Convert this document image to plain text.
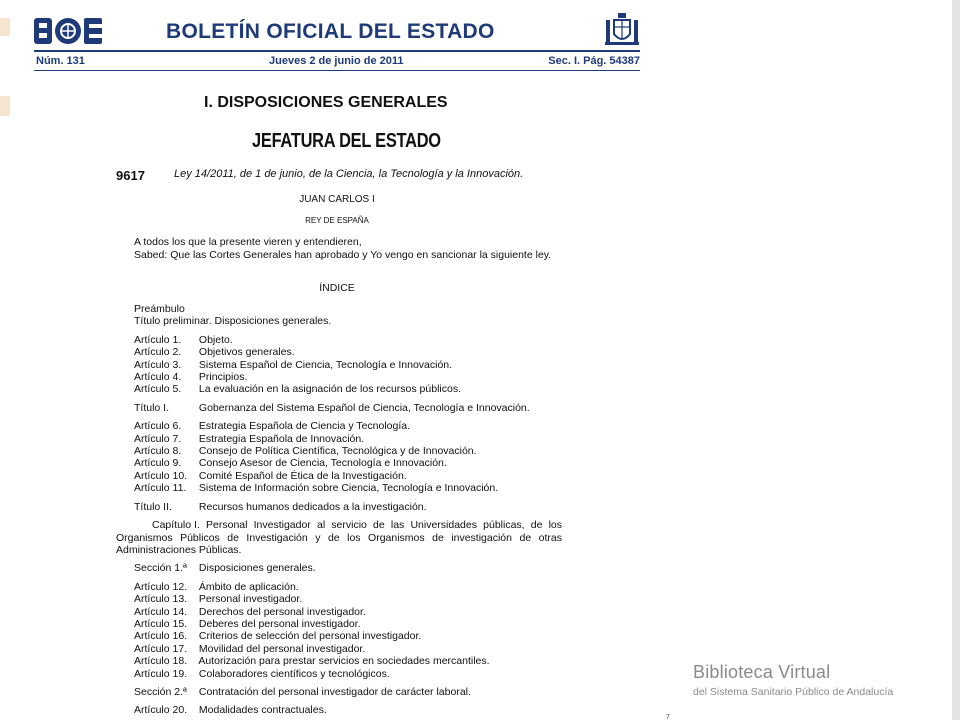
BOLETÍN OFICIAL DEL ESTADO
Núm. 131	Jueves 2 de junio de 2011	Sec. I. Pág. 54387
I. DISPOSICIONES GENERALES
JEFATURA DEL ESTADO
9617	Ley 14/2011, de 1 de junio, de la Ciencia, la Tecnología y la Innovación.
JUAN CARLOS I
REY DE ESPAÑA

A todos los que la presente vieren y entendieren,

Sabed: Que las Cortes Generales han aprobado y Yo vengo en sancionar la siguiente ley.

ÍNDICE

Preámbulo

Título preliminar. Disposiciones generales.

Artículo 1. Objeto.

Artículo 2. Objetivos generales.

Artículo 3. Sistema Español de Ciencia, Tecnología e Innovación.

Artículo 4. Principios.

Artículo 5. La evaluación en la asignación de los recursos públicos.

Título I.	Gobernanza del Sistema Español de Ciencia, Tecnología e Innovación.

Artículo 6. Estrategia Española de Ciencia y Tecnología.

Artículo 7. Estrategia Española de Innovación.

Artículo 8. Consejo de Política Científica, Tecnológica y de Innovación.

Artículo 9. Consejo Asesor de Ciencia, Tecnología e Innovación.

Artículo 10. Comité Español de Ética de la Investigación.

Artículo 11. Sistema de Información sobre Ciencia, Tecnología e Innovación.

Título II.	Recursos humanos dedicados a la investigación.

Capítulo I. Personal Investigador al servicio de las Universidades públicas, de los Organismos Públicos de Investigación y de los Organismos de investigación de otras Administraciones Públicas.

Sección 1.ª Disposiciones generales.

Artículo 12. Ámbito de aplicación.

Artículo 13. Personal investigador.

Artículo 14. Derechos del personal investigador.

Artículo 15. Deberes del personal investigador.

Artículo 16. Criterios de selección del personal investigador.

Artículo 17. Movilidad del personal investigador.

Artículo 18. Autorización para prestar servicios en sociedades mercantiles.

Artículo 19. Colaboradores científicos y tecnológicos.

Sección 2.ª Contratación del personal investigador de carácter laboral.

Artículo 20. Modalidades contractuales.

7
Biblioteca Virtual
del Sistema Sanitario Público de Andalucía
